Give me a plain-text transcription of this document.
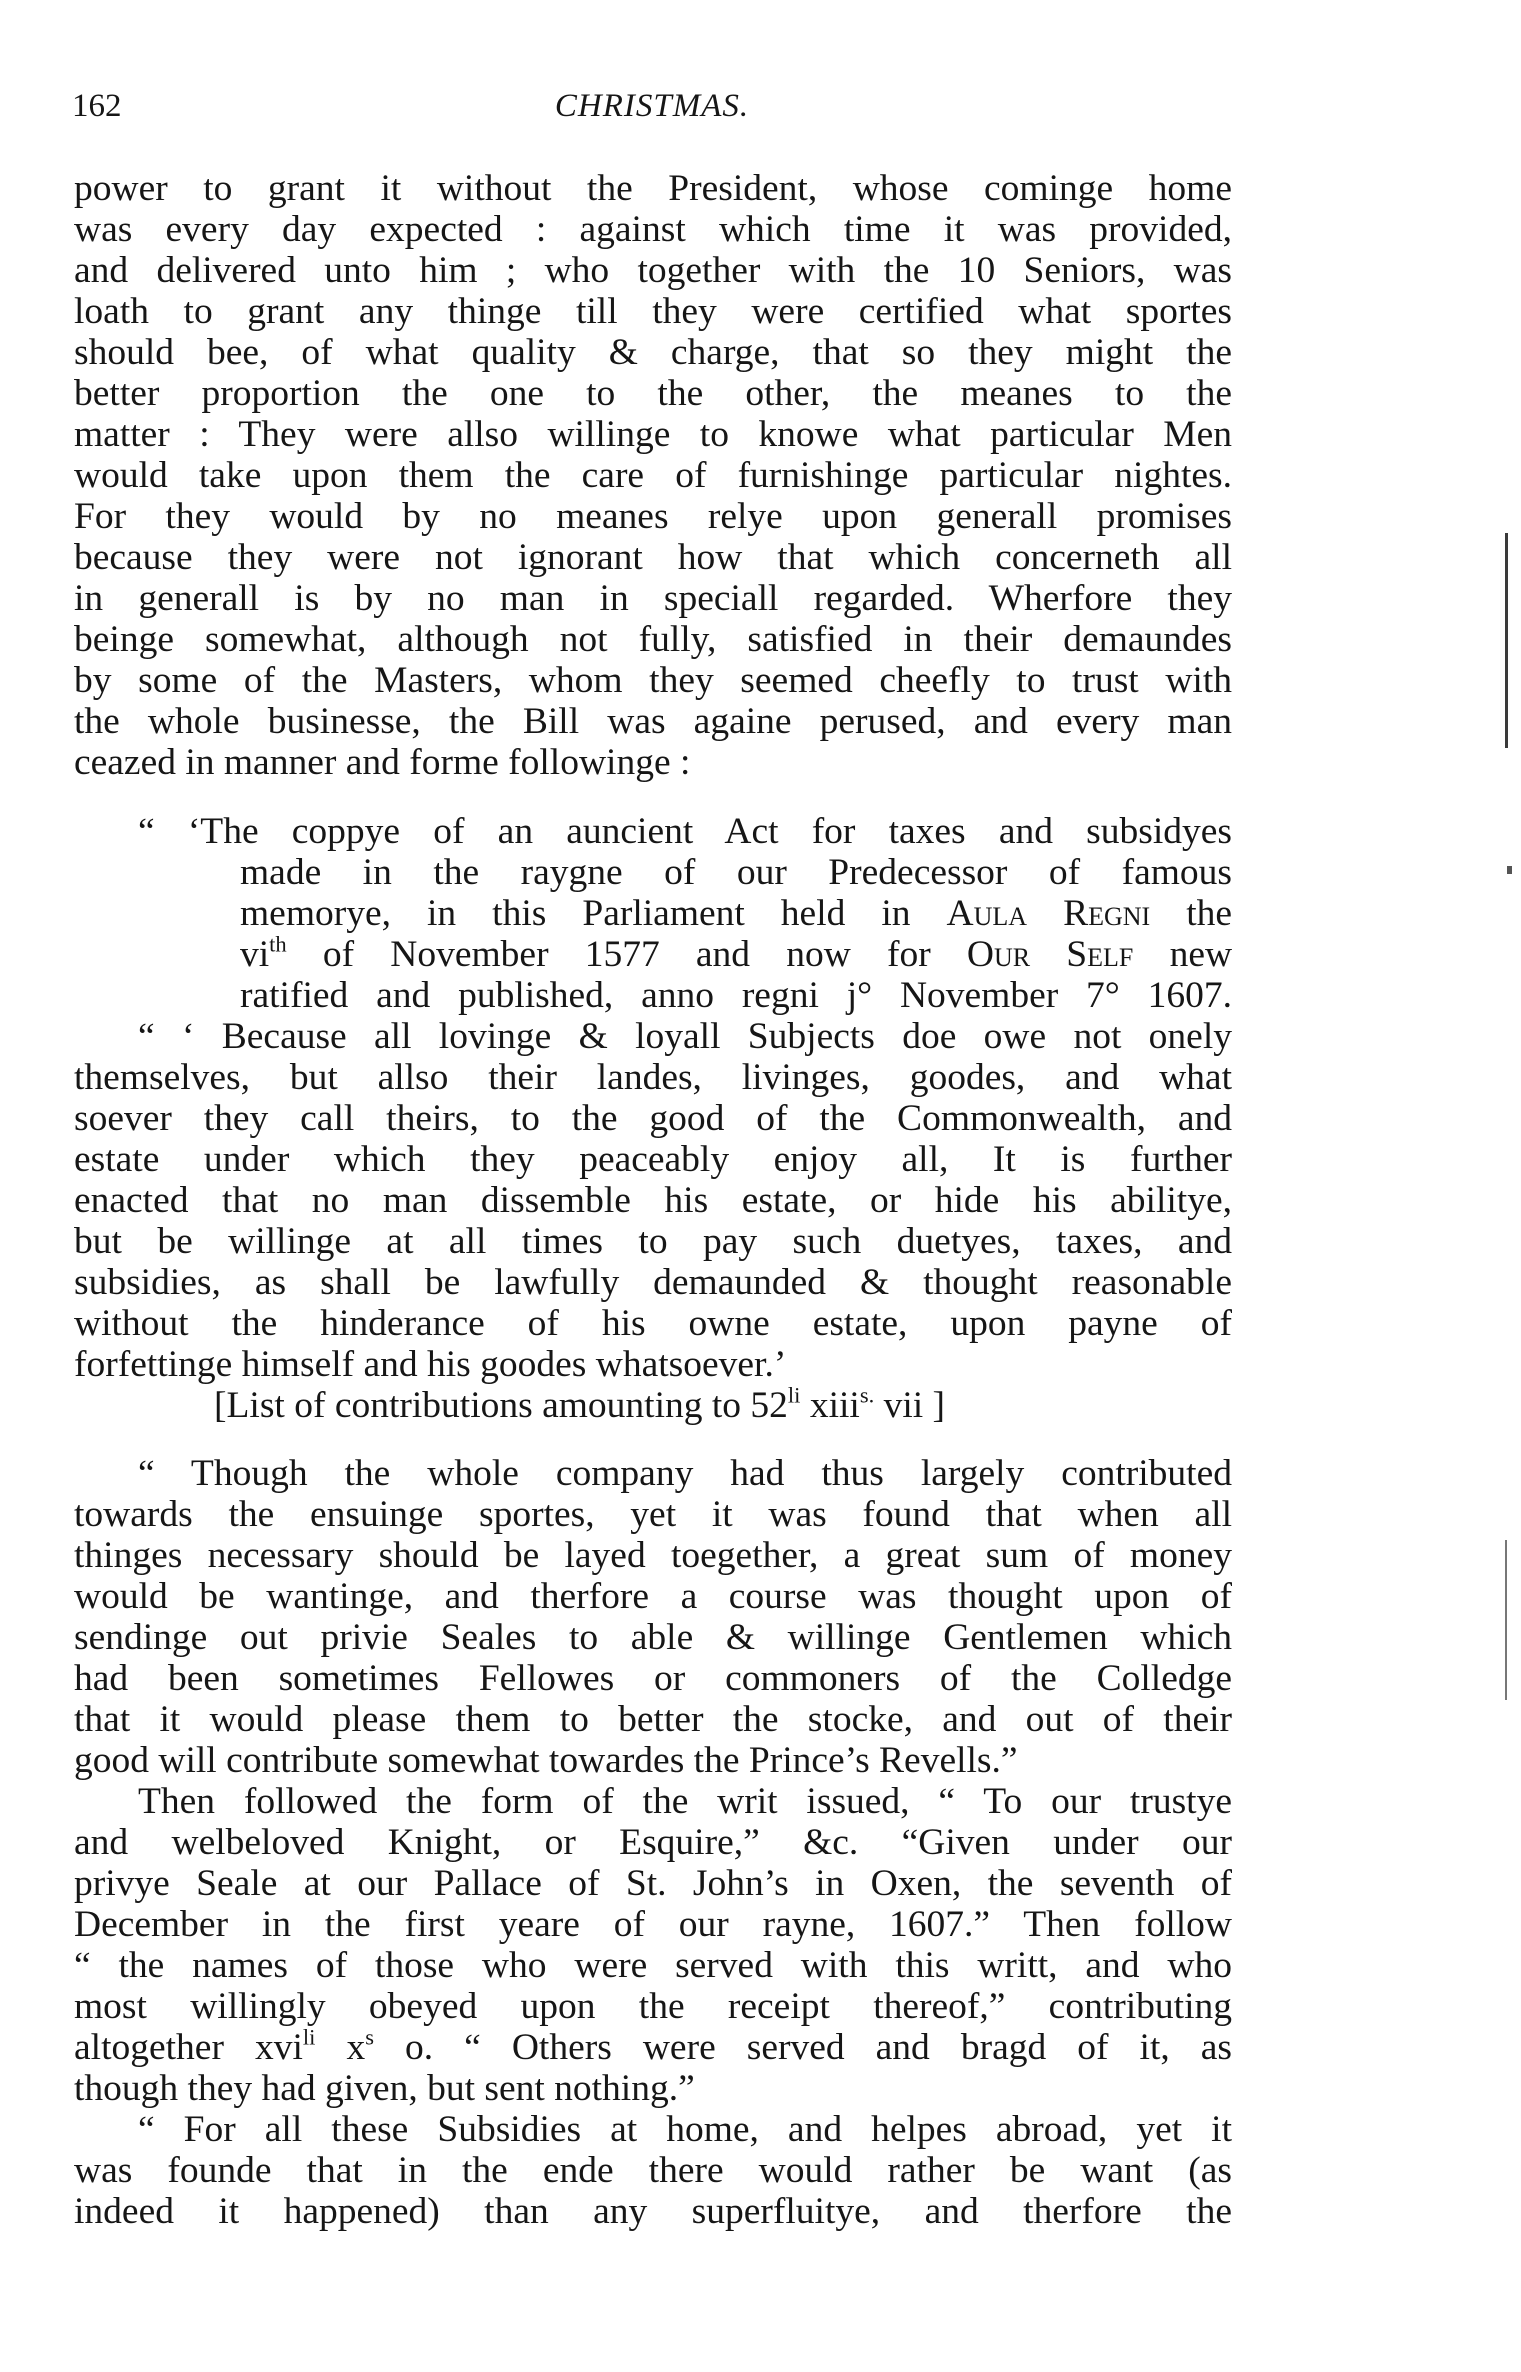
162	CHRISTMAS.
power to grant it without the President, whose cominge home
was every day expected : against which time it was provided,
and delivered unto him ; who together with the 10 Seniors, was
loath to grant any thinge till they were certified what sportes
should bee, of what quality & charge, that so they might the
better proportion the one to the other, the meanes to the
matter : They were allso willinge to knowe what particular Men
would take upon them the care of furnishinge particular nightes.
For they would by no meanes relye upon generall promises
because they were not ignorant how that which concerneth all
in generall is by no man in speciall regarded. Wherfore they
beinge somewhat, although not fully, satisfied in their demaundes
by some of the Masters, whom they seemed cheefly to trust with
the whole businesse, the Bill was againe perused, and every man
ceazed in manner and forme followinge :
“ ‘The coppye of an auncient Act for taxes and subsidyes
made in the raygne of our Predecessor of famous
memorye, in this Parliament held in Aula Regni the
$vi^{th}$ of November 1577 and now for Our Self new
ratified and published, anno regni j° November 7° 1607.
“ ‘ Because all lovinge & loyall Subjects doe owe not onely
themselves, but allso their landes, livinges, goodes, and what
soever they call theirs, to the good of the Commonwealth, and
estate under which they peaceably enjoy all, It is further
enacted that no man dissemble his estate, or hide his abilitye,
but be willinge at all times to pay such duetyes, taxes, and
subsidies, as shall be lawfully demaunded & thought reasonable
without the hinderance of his owne estate, upon payne of
forfettinge himself and his goodes whatsoever.’
[List of contributions amounting to $52^{li}$ xiii$^{s.}$ vii ]
“ Though the whole company had thus largely contributed
towards the ensuinge sportes, yet it was found that when all
thinges necessary should be layed toegether, a great sum of money
would be wantinge, and therfore a course was thought upon of
sendinge out privie Seales to able & willinge Gentlemen which
had been sometimes Fellowes or commoners of the Colledge
that it would please them to better the stocke, and out of their
good will contribute somewhat towardes the Prince’s Revells.”
Then followed the form of the writ issued, “ To our trustye
and welbeloved Knight, or Esquire,” &c. “Given under our
privye Seale at our Pallace of St. John’s in Oxen, the seventh of
December in the first yeare of our rayne, 1607.” Then follow
“ the names of those who were served with this writt, and who
most willingly obeyed upon the receipt thereof,” contributing
altogether xvi$^{li}$ $x^s$ o. “ Others were served and bragd of it, as
though they had given, but sent nothing.”
“ For all these Subsidies at home, and helpes abroad, yet it
was founde that in the ende there would rather be want (as
indeed it happened) than any superfluitye, and therfore the
